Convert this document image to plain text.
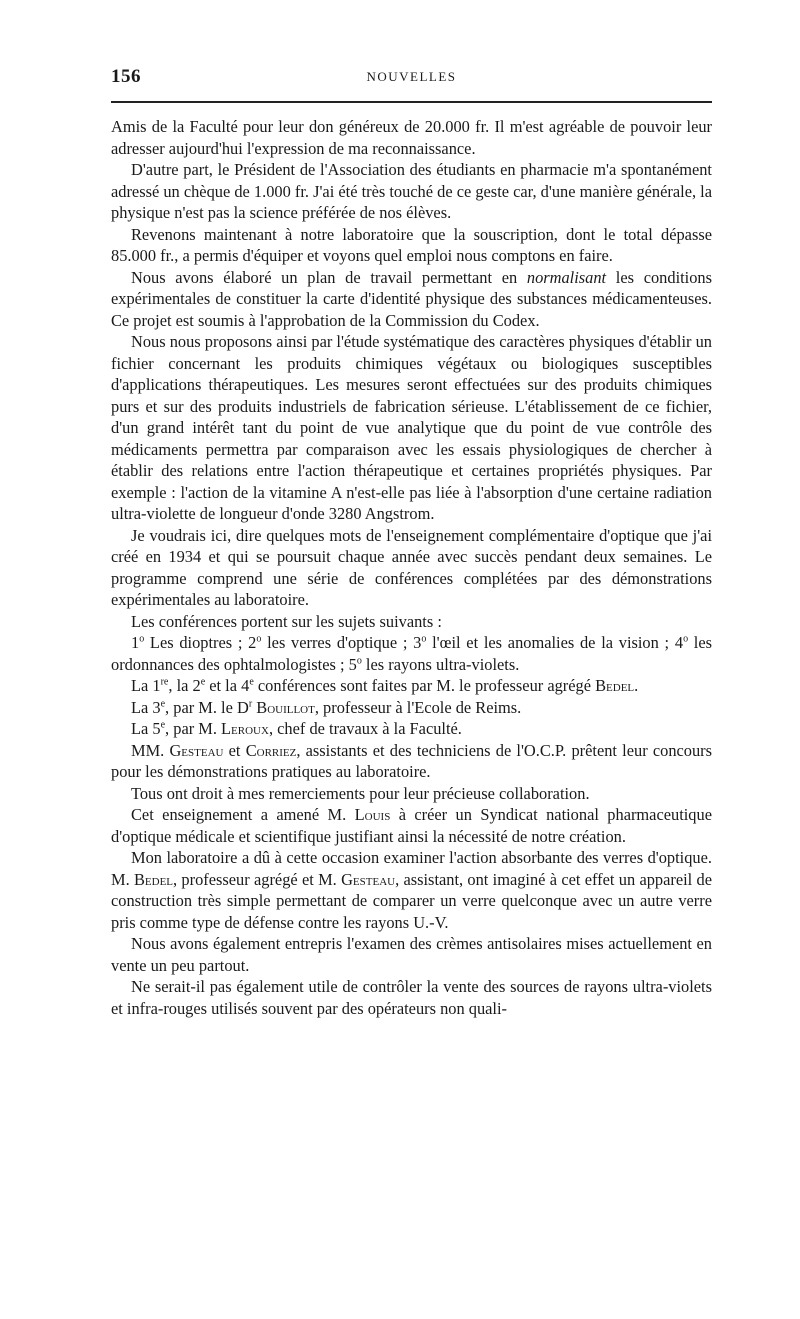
156	NOUVELLES

Amis de la Faculté pour leur don généreux de 20.000 fr. Il m'est agréable de pouvoir leur adresser aujourd'hui l'expression de ma reconnaissance.

D'autre part, le Président de l'Association des étudiants en pharmacie m'a spontanément adressé un chèque de 1.000 fr. J'ai été très touché de ce geste car, d'une manière générale, la physique n'est pas la science préférée de nos élèves.

Revenons maintenant à notre laboratoire que la souscription, dont le total dépasse 85.000 fr., a permis d'équiper et voyons quel emploi nous comptons en faire.

Nous avons élaboré un plan de travail permettant en normalisant les conditions expérimentales de constituer la carte d'identité physique des substances médicamenteuses. Ce projet est soumis à l'approbation de la Commission du Codex.

Nous nous proposons ainsi par l'étude systématique des caractères physiques d'établir un fichier concernant les produits chimiques végétaux ou biologiques susceptibles d'applications thérapeutiques. Les mesures seront effectuées sur des produits chimiques purs et sur des produits industriels de fabrication sérieuse. L'établissement de ce fichier, d'un grand intérêt tant du point de vue analytique que du point de vue contrôle des médicaments permettra par comparaison avec les essais physiologiques de chercher à établir des relations entre l'action thérapeutique et certaines propriétés physiques. Par exemple : l'action de la vitamine A n'est-elle pas liée à l'absorption d'une certaine radiation ultra-violette de longueur d'onde 3280 Angstrom.

Je voudrais ici, dire quelques mots de l'enseignement complémentaire d'optique que j'ai créé en 1934 et qui se poursuit chaque année avec succès pendant deux semaines. Le programme comprend une série de conférences complétées par des démonstrations expérimentales au laboratoire.

Les conférences portent sur les sujets suivants :

1$^o$ Les dioptres ; 2$^o$ les verres d'optique ; 3$^o$ l'œil et les anomalies de la vision ; 4$^o$ les ordonnances des ophtalmologistes ; 5$^o$ les rayons ultra-violets.

La 1re, la 2e et la 4e conférences sont faites par M. le professeur agrégé Bedel.

La 3e, par M. le $D^r$ Bouillot, professeur à l'Ecole de Reims.

La 5e, par M. Leroux, chef de travaux à la Faculté.

MM. Gesteau et Corriez, assistants et des techniciens de l'O.C.P. prêtent leur concours pour les démonstrations pratiques au laboratoire.

Tous ont droit à mes remerciements pour leur précieuse collaboration.

Cet enseignement a amené M. Louis à créer un Syndicat national pharmaceutique d'optique médicale et scientifique justifiant ainsi la nécessité de notre création.

Mon laboratoire a dû à cette occasion examiner l'action absorbante des verres d'optique. M. Bedel, professeur agrégé et M. Gesteau, assistant, ont imaginé à cet effet un appareil de construction très simple permettant de comparer un verre quelconque avec un autre verre pris comme type de défense contre les rayons U.-V.

Nous avons également entrepris l'examen des crèmes antisolaires mises actuellement en vente un peu partout.

Ne serait-il pas également utile de contrôler la vente des sources de rayons ultra-violets et infra-rouges utilisés souvent par des opérateurs non quali-
